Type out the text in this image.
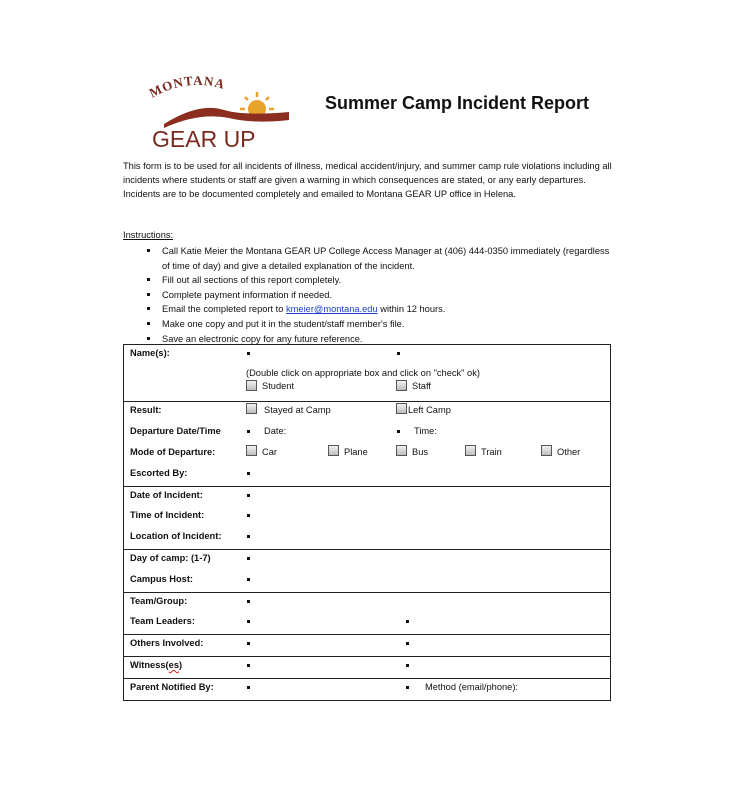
MONTANA
GEAR UP
Summer Camp Incident Report
This form is to be used for all incidents of illness, medical accident/injury, and summer camp rule violations including all incidents where students or staff are given a warning in which consequences are stated, or any early departures. Incidents are to be documented completely and emailed to Montana GEAR UP office in Helena.
Instructions:
Call Katie Meier the Montana GEAR UP College Access Manager at (406) 444-0350 immediately (regardless of time of day) and give a detailed explanation of the incident.
Fill out all sections of this report completely.
Complete payment information if needed.
Email the completed report to kmeier@montana.edu within 12 hours.
Make one copy and put it in the student/staff member's file.
Save an electronic copy for any future reference.
Name(s):
(Double click on appropriate box and click on "check" ok)
Student	Staff
Result:	Stayed at Camp	Left Camp
Departure Date/Time	Date:	Time:
Mode of Departure:	Car	Plane	Bus	Train	Other
Escorted By:
Date of Incident:
Time of Incident:
Location of Incident:
Day of camp: (1-7)
Campus Host:
Team/Group:
Team Leaders:
Others Involved:
Witness(es)
Parent Notified By:	Method (email/phone):
